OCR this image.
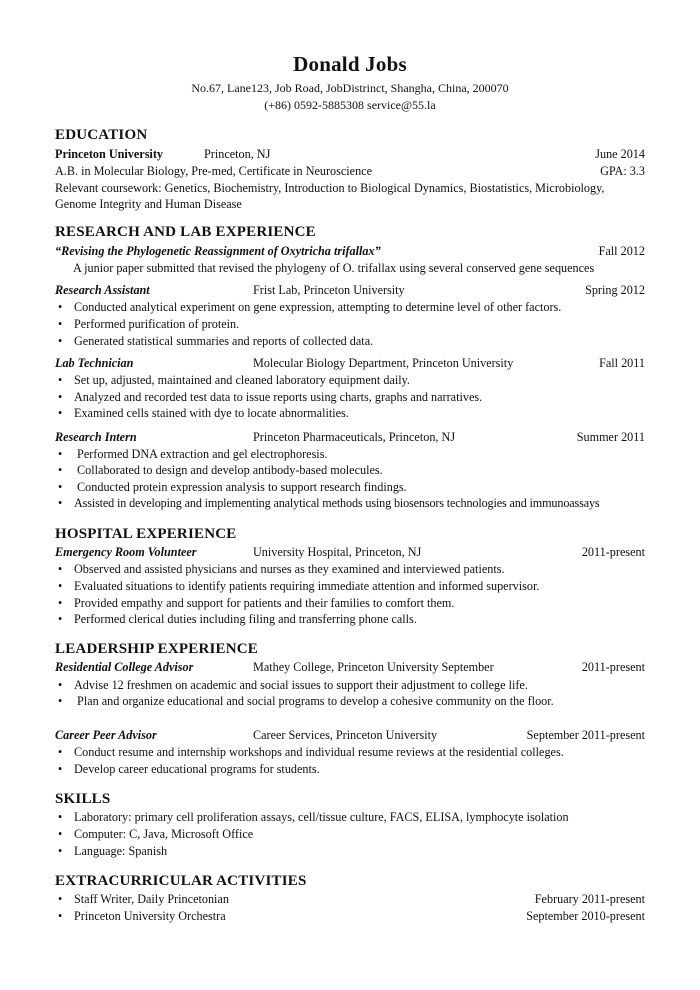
Donald Jobs
No.67, Lane123, Job Road, JobDistrinct, Shangha, China, 200070
(+86) 0592-5885308 service@55.la
EDUCATION
Princeton University	Princeton, NJ	June 2014
A.B. in Molecular Biology, Pre-med, Certificate in Neuroscience	GPA: 3.3
Relevant coursework: Genetics, Biochemistry, Introduction to Biological Dynamics, Biostatistics, Microbiology,
Genome Integrity and Human Disease
RESEARCH AND LAB EXPERIENCE
“Revising the Phylogenetic Reassignment of Oxytricha trifallax”	Fall 2012
A junior paper submitted that revised the phylogeny of O. trifallax using several conserved gene sequences
Research Assistant	Frist Lab, Princeton University	Spring 2012
• Conducted analytical experiment on gene expression, attempting to determine level of other factors.
• Performed purification of protein.
• Generated statistical summaries and reports of collected data.
Lab Technician	Molecular Biology Department, Princeton University	Fall 2011
• Set up, adjusted, maintained and cleaned laboratory equipment daily.
• Analyzed and recorded test data to issue reports using charts, graphs and narratives.
• Examined cells stained with dye to locate abnormalities.
Research Intern	Princeton Pharmaceuticals, Princeton, NJ	Summer 2011
• Performed DNA extraction and gel electrophoresis.
• Collaborated to design and develop antibody-based molecules.
• Conducted protein expression analysis to support research findings.
• Assisted in developing and implementing analytical methods using biosensors technologies and immunoassays
HOSPITAL EXPERIENCE
Emergency Room Volunteer	University Hospital, Princeton, NJ	2011-present
• Observed and assisted physicians and nurses as they examined and interviewed patients.
• Evaluated situations to identify patients requiring immediate attention and informed supervisor.
• Provided empathy and support for patients and their families to comfort them.
• Performed clerical duties including filing and transferring phone calls.
LEADERSHIP EXPERIENCE
Residential College Advisor	Mathey College, Princeton University September	2011-present
• Advise 12 freshmen on academic and social issues to support their adjustment to college life.
• Plan and organize educational and social programs to develop a cohesive community on the floor.
Career Peer Advisor	Career Services, Princeton University	September 2011-present
• Conduct resume and internship workshops and individual resume reviews at the residential colleges.
• Develop career educational programs for students.
SKILLS
• Laboratory: primary cell proliferation assays, cell/tissue culture, FACS, ELISA, lymphocyte isolation
• Computer: C, Java, Microsoft Office
• Language: Spanish
EXTRACURRICULAR ACTIVITIES
• Staff Writer, Daily Princetonian	February 2011-present
• Princeton University Orchestra	September 2010-present
